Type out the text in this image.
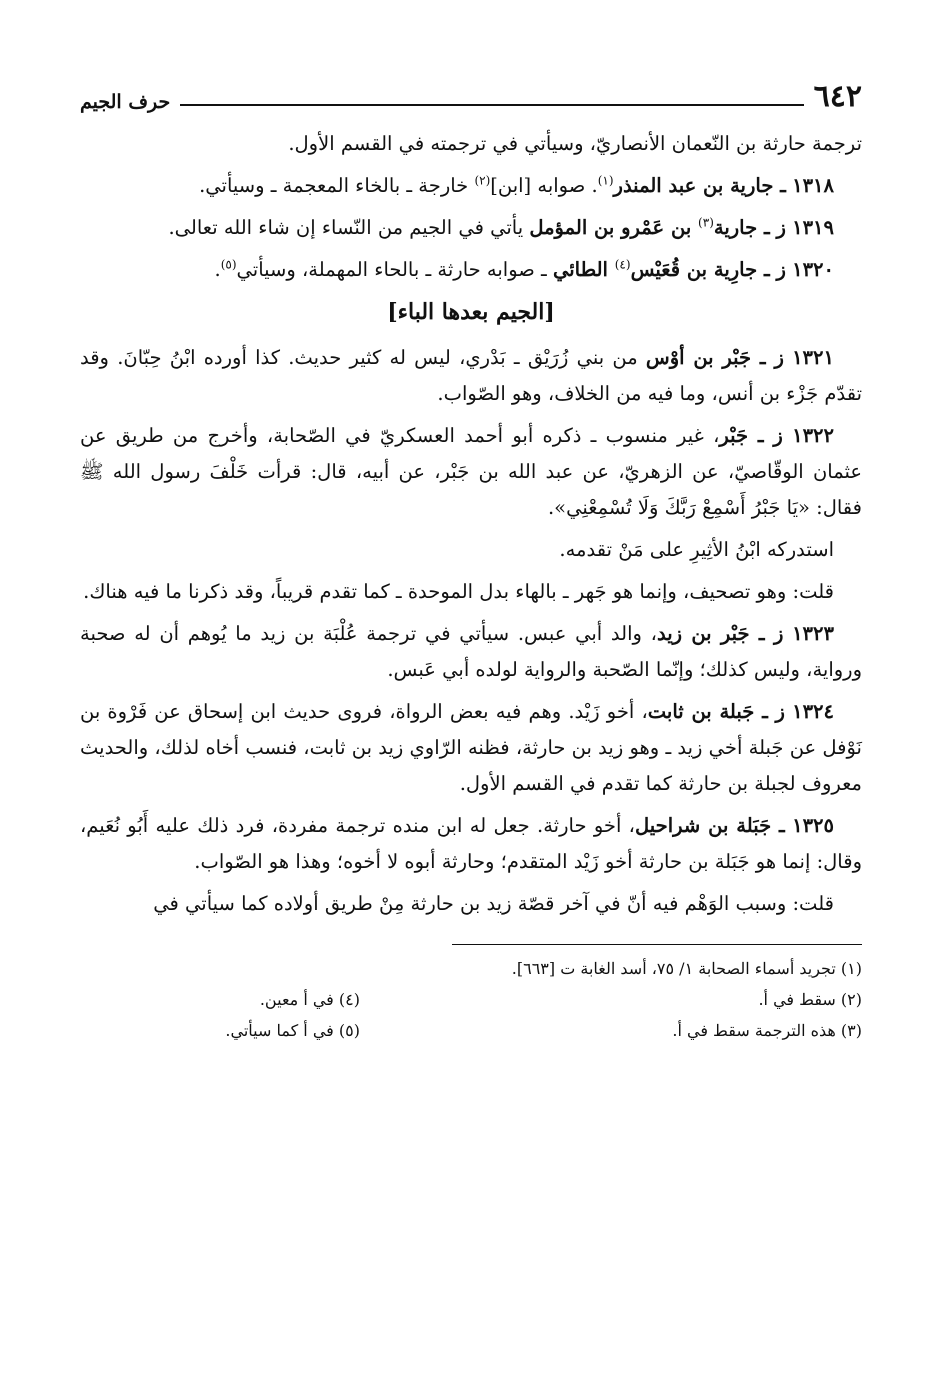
٦٤٢
حرف الجيم

ترجمة حارثة بن النّعمان الأنصاريّ، وسيأتي في ترجمته في القسم الأول.

١٣١٨ ـ جارية بن عبد المنذر$^{(١)}$. صوابه [ابن]$^{(٢)}$ خارجة ـ بالخاء المعجمة ـ وسيأتي.

١٣١٩ ز ـ جارية$^{(٣)}$ بن عَمْرو بن المؤمل يأتي في الجيم من النّساء إن شاء الله تعالى.

١٣٢٠ ز ـ جارِية بن قُعَيْس$^{(٤)}$ الطائي ـ صوابه حارثة ـ بالحاء المهملة، وسيأتي$^{(٥)}$.

[الجيم بعدها الباء]

١٣٢١ ز ـ جَبْر بن أوْس من بني زُرَيْق ـ بَدْري، ليس له كثير حديث. كذا أورده ابْنُ حِبّانَ. وقد تقدّم جَزْء بن أنس، وما فيه من الخلاف، وهو الصّواب.

١٣٢٢ ز ـ جَبْر، غير منسوب ـ ذكره أبو أحمد العسكريّ في الصّحابة، وأخرج من طريق عن عثمان الوقّاصيّ، عن الزهريّ، عن عبد الله بن جَبْر، عن أبيه، قال: قرأت خَلْفَ رسول الله ﷺ فقال: «يَا جَبْرُ أَسْمِعْ رَبَّكَ وَلَا تُسْمِعْنِي».

استدركه ابْنُ الأثِيرِ على مَنْ تقدمه.

قلت: وهو تصحيف، وإنما هو جَهر ـ بالهاء بدل الموحدة ـ كما تقدم قريباً، وقد ذكرنا ما فيه هناك.

١٣٢٣ ز ـ جَبْر بن زيد، والد أبي عبس. سيأتي في ترجمة عُلْبَة بن زيد ما يُوهم أن له صحبة ورواية، وليس كذلك؛ وإنّما الصّحبة والرواية لولده أبي عَبس.

١٣٢٤ ز ـ جَبلة بن ثابت، أخو زَيْد. وهم فيه بعض الرواة، فروى حديث ابن إسحاق عن فَرْوة بن نَوْفل عن جَبلة أخي زيد ـ وهو زيد بن حارثة، فظنه الرّاوي زيد بن ثابت، فنسب أخاه لذلك، والحديث معروف لجبلة بن حارثة كما تقدم في القسم الأول.

١٣٢٥ ـ جَبَلة بن شراحيل، أخو حارثة. جعل له ابن منده ترجمة مفردة، فرد ذلك عليه أَبُو نُعَيم، وقال: إنما هو جَبَلة بن حارثة أخو زَيْد المتقدم؛ وحارثة أبوه لا أخوه؛ وهذا هو الصّواب.

قلت: وسبب الوَهْم فيه أنّ في آخر قصّة زيد بن حارثة مِنْ طريق أولاده كما سيأتي في

(١) تجريد أسماء الصحابة ١/ ٧٥، أسد الغابة ت [٦٦٣].
(٢) سقط في أ.
(٣) هذه الترجمة سقط في أ.
(٤) في أ معين.
(٥) في أ كما سيأتي.
